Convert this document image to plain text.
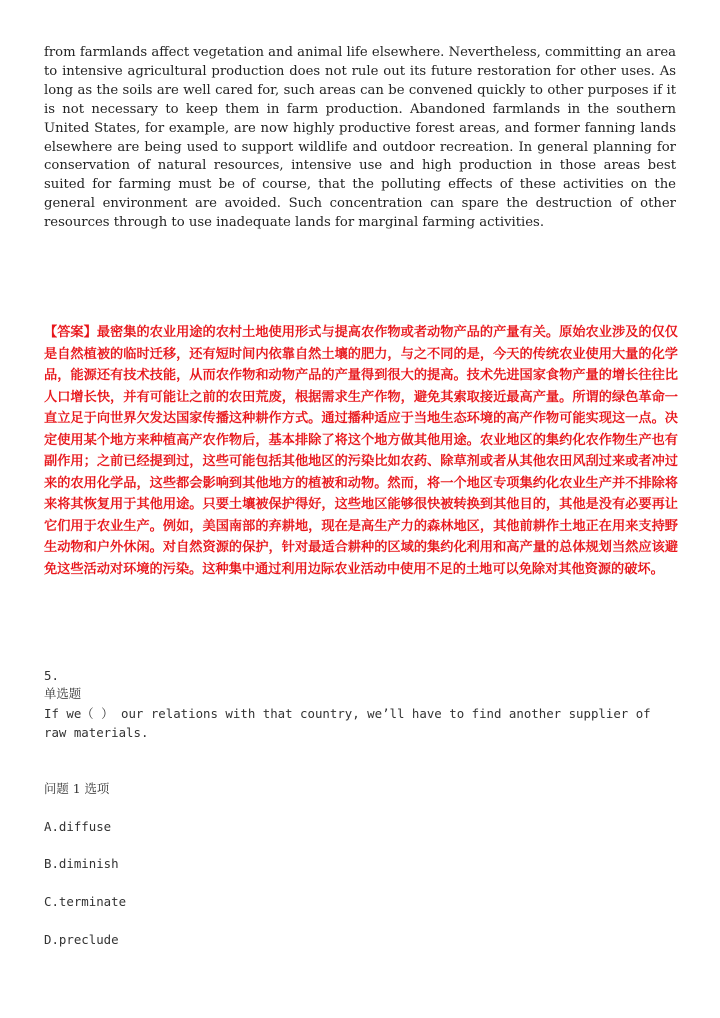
from farmlands affect vegetation and animal life elsewhere. Nevertheless, committing an area to intensive agricultural production does not rule out its future restoration for other uses. As long as the soils are well cared for, such areas can be convened quickly to other purposes if it is not necessary to keep them in farm production. Abandoned farmlands in the southern United States, for example, are now highly productive forest areas, and former fanning lands elsewhere are being used to support wildlife and outdoor recreation. In general planning for conservation of natural resources, intensive use and high production in those areas best suited for farming must be of course, that the polluting effects of these activities on the general environment are avoided. Such concentration can spare the destruction of other resources through to use inadequate lands for marginal farming activities.

【答案】最密集的农业用途的农村土地使用形式与提高农作物或者动物产品的产量有关。原始农业涉及的仅仅是自然植被的临时迁移，还有短时间内依靠自然土壤的肥力，与之不同的是，今天的传统农业使用大量的化学品，能源还有技术技能，从而农作物和动物产品的产量得到很大的提高。技术先进国家食物产量的增长往往比人口增长快，并有可能让之前的农田荒废，根据需求生产作物，避免其索取接近最高产量。所谓的绿色革命一直立足于向世界欠发达国家传播这种耕作方式。通过播种适应于当地生态环境的高产作物可能实现这一点。决定使用某个地方来种植高产农作物后，基本排除了将这个地方做其他用途。农业地区的集约化农作物生产也有副作用；之前已经提到过，这些可能包括其他地区的污染比如农药、除草剂或者从其他农田风刮过来或者冲过来的农用化学品，这些都会影响到其他地方的植被和动物。然而，将一个地区专项集约化农业生产并不排除将来将其恢复用于其他用途。只要土壤被保护得好，这些地区能够很快被转换到其他目的，其他是没有必要再让它们用于农业生产。例如，美国南部的弃耕地，现在是高生产力的森林地区，其他前耕作土地正在用来支持野生动物和户外休闲。对自然资源的保护，针对最适合耕种的区域的集约化利用和高产量的总体规划当然应该避免这些活动对环境的污染。这种集中通过利用边际农业活动中使用不足的土地可以免除对其他资源的破坏。

5.
单选题
If we（ ） our relations with that country, we’ll have to find another supplier of raw materials.
问题 1 选项
A.diffuse
B.diminish
C.terminate
D.preclude
